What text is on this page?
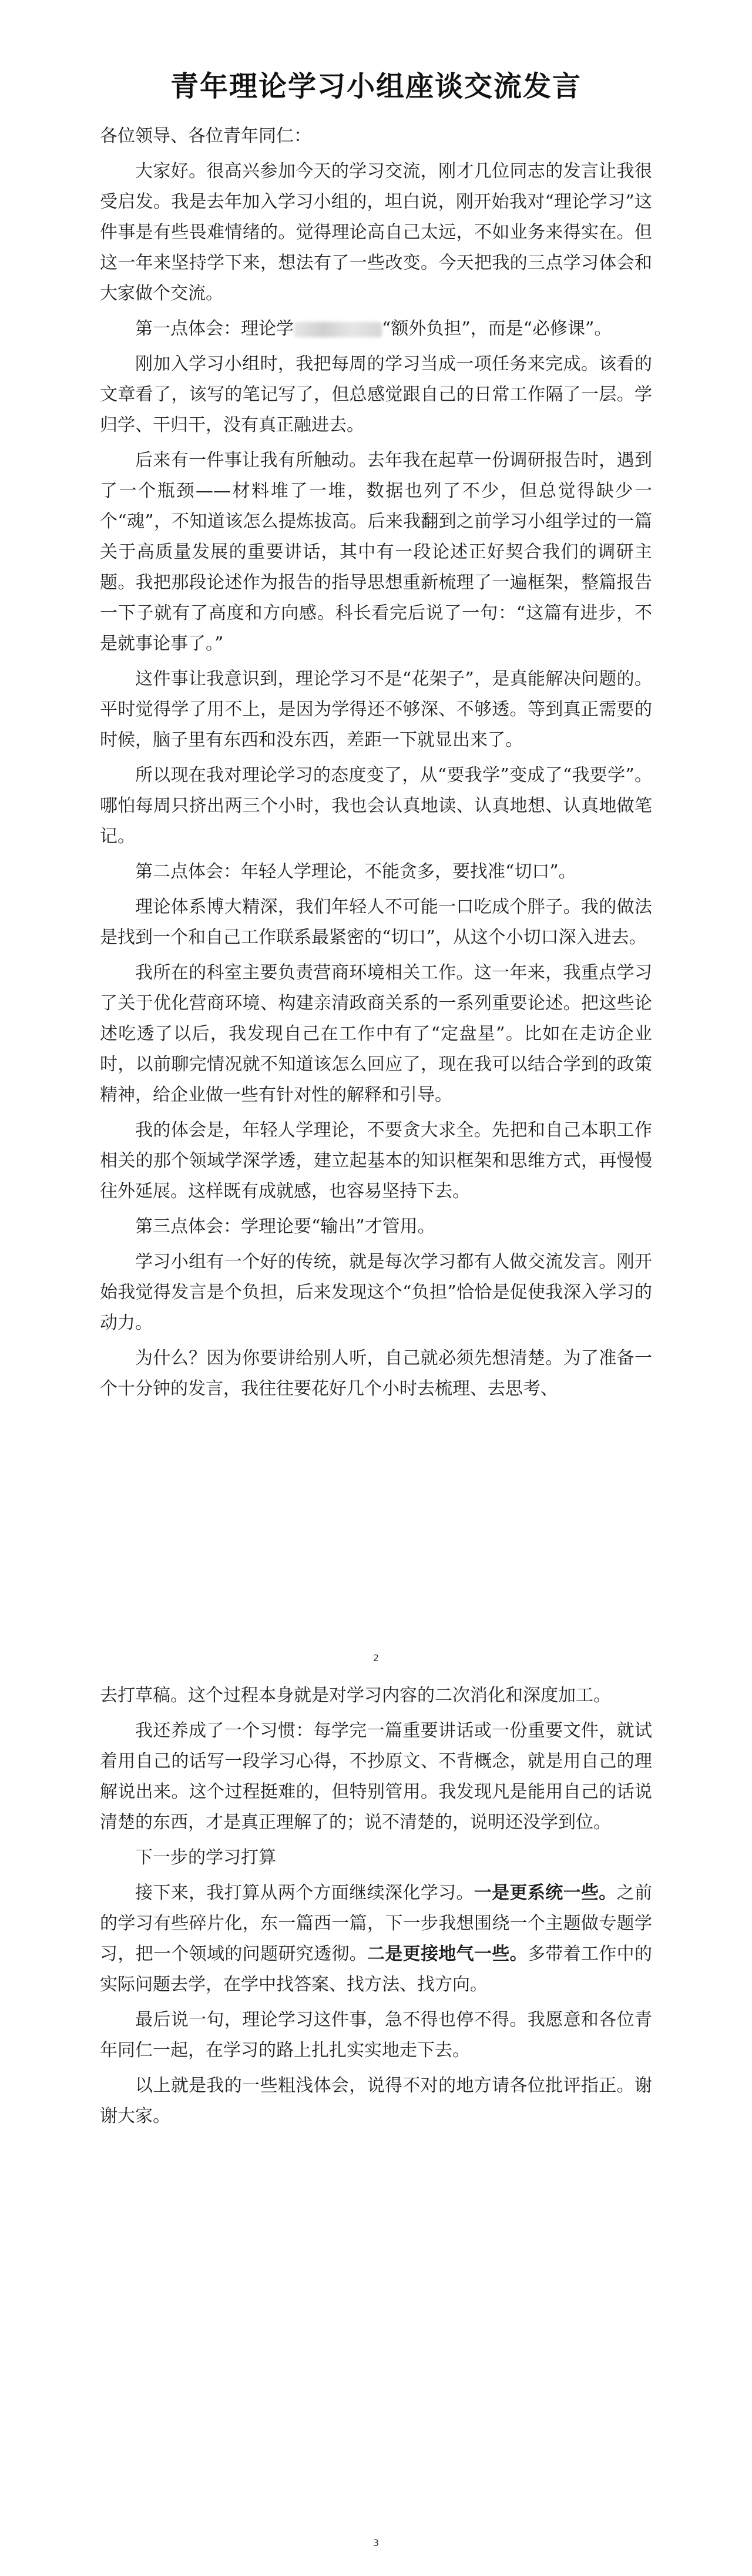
青年理论学习小组座谈交流发言

各位领导、各位青年同仁：

大家好。很高兴参加今天的学习交流，刚才几位同志的发言让我很受启发。我是去年加入学习小组的，坦白说，刚开始我对“理论学习”这件事是有些畏难情绪的。觉得理论高自己太远，不如业务来得实在。但这一年来坚持学下来，想法有了一些改变。今天把我的三点学习体会和大家做个交流。

第一点体会：理论学	“额外负担”，而是“必修课”。

刚加入学习小组时，我把每周的学习当成一项任务来完成。该看的文章看了，该写的笔记写了，但总感觉跟自己的日常工作隔了一层。学归学、干归干，没有真正融进去。

后来有一件事让我有所触动。去年我在起草一份调研报告时，遇到了一个瓶颈——材料堆了一堆，数据也列了不少，但总觉得缺少一个“魂”，不知道该怎么提炼拔高。后来我翻到之前学习小组学过的一篇关于高质量发展的重要讲话，其中有一段论述正好契合我们的调研主题。我把那段论述作为报告的指导思想重新梳理了一遍框架，整篇报告一下子就有了高度和方向感。科长看完后说了一句：“这篇有进步，不是就事论事了。”

这件事让我意识到，理论学习不是“花架子”，是真能解决问题的。平时觉得学了用不上，是因为学得还不够深、不够透。等到真正需要的时候，脑子里有东西和没东西，差距一下就显出来了。

所以现在我对理论学习的态度变了，从“要我学”变成了“我要学”。哪怕每周只挤出两三个小时，我也会认真地读、认真地想、认真地做笔记。

第二点体会：年轻人学理论，不能贪多，要找准“切口”。

理论体系博大精深，我们年轻人不可能一口吃成个胖子。我的做法是找到一个和自己工作联系最紧密的“切口”，从这个小切口深入进去。

我所在的科室主要负责营商环境相关工作。这一年来，我重点学习了关于优化营商环境、构建亲清政商关系的一系列重要论述。把这些论述吃透了以后，我发现自己在工作中有了“定盘星”。比如在走访企业时，以前聊完情况就不知道该怎么回应了，现在我可以结合学到的政策精神，给企业做一些有针对性的解释和引导。

我的体会是，年轻人学理论，不要贪大求全。先把和自己本职工作相关的那个领域学深学透，建立起基本的知识框架和思维方式，再慢慢往外延展。这样既有成就感，也容易坚持下去。

第三点体会：学理论要“输出”才管用。

学习小组有一个好的传统，就是每次学习都有人做交流发言。刚开始我觉得发言是个负担，后来发现这个“负担”恰恰是促使我深入学习的动力。

为什么？因为你要讲给别人听，自己就必须先想清楚。为了准备一个十分钟的发言，我往往要花好几个小时去梳理、去思考、

2

去打草稿。这个过程本身就是对学习内容的二次消化和深度加工。

我还养成了一个习惯：每学完一篇重要讲话或一份重要文件，就试着用自己的话写一段学习心得，不抄原文、不背概念，就是用自己的理解说出来。这个过程挺难的，但特别管用。我发现凡是能用自己的话说清楚的东西，才是真正理解了的；说不清楚的，说明还没学到位。

下一步的学习打算

接下来，我打算从两个方面继续深化学习。一是更系统一些。之前的学习有些碎片化，东一篇西一篇，下一步我想围绕一个主题做专题学习，把一个领域的问题研究透彻。二是更接地气一些。多带着工作中的实际问题去学，在学中找答案、找方法、找方向。

最后说一句，理论学习这件事，急不得也停不得。我愿意和各位青年同仁一起，在学习的路上扎扎实实地走下去。

以上就是我的一些粗浅体会，说得不对的地方请各位批评指正。谢谢大家。

3
